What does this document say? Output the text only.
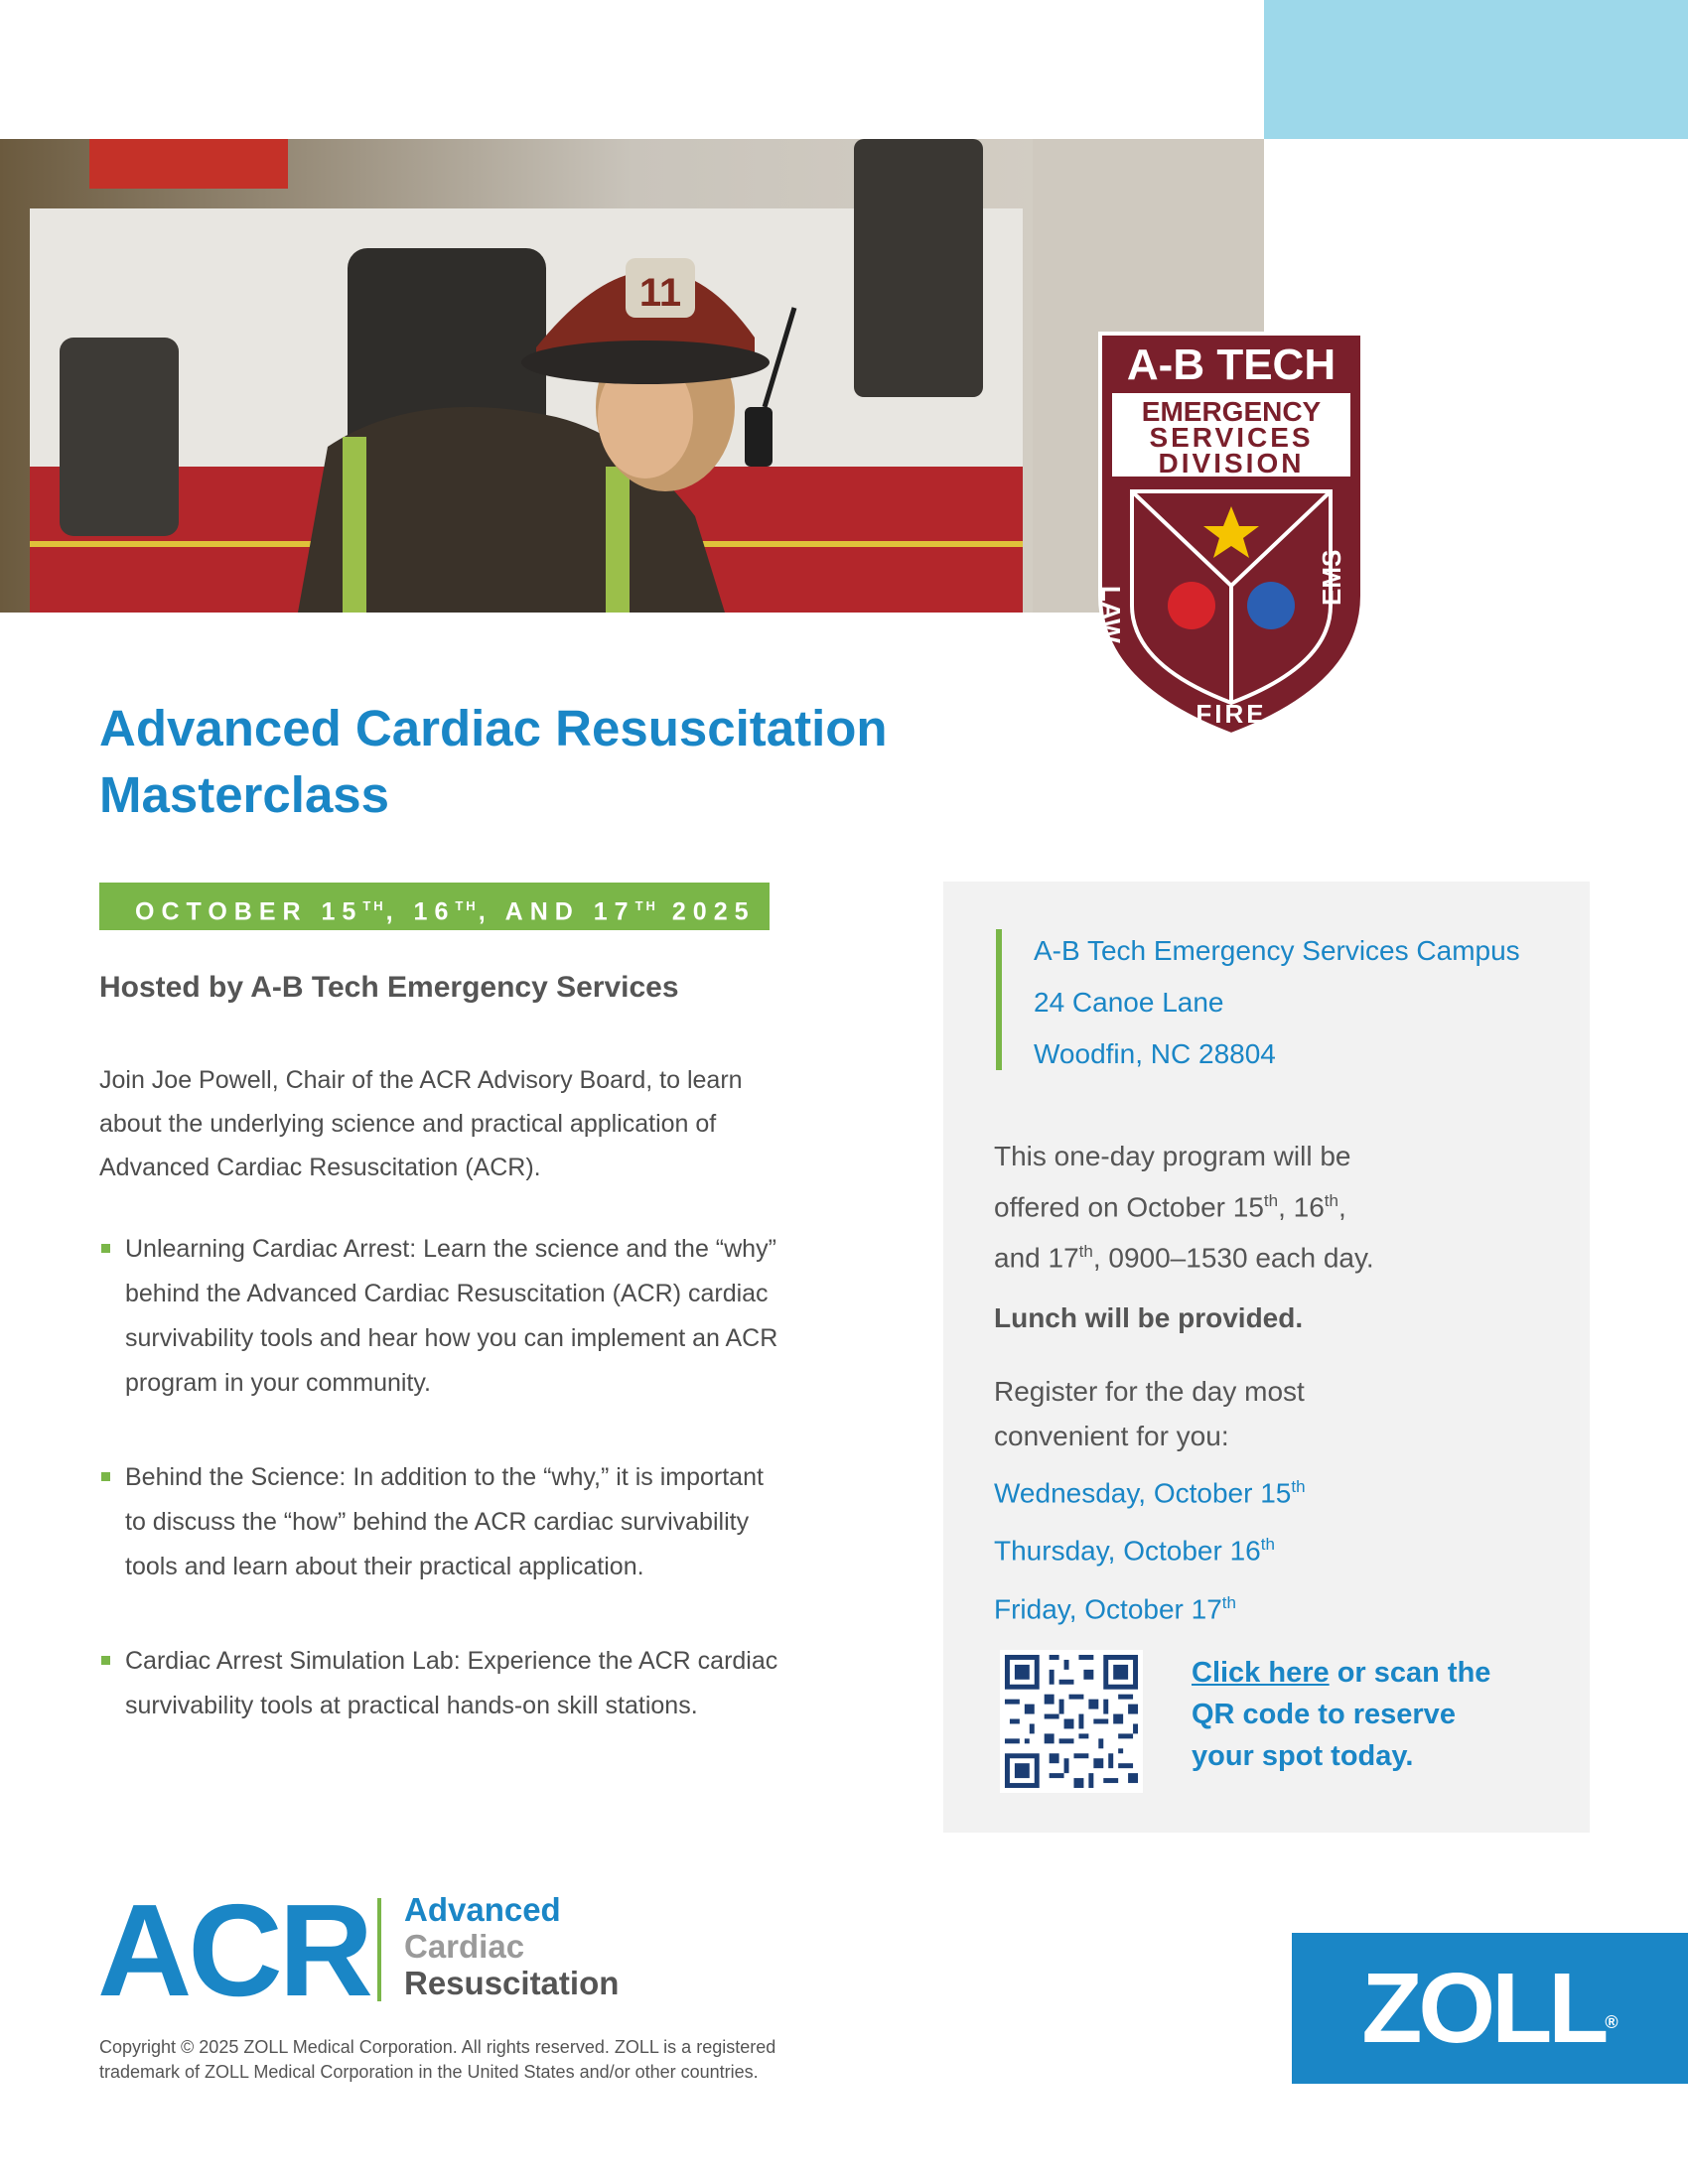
11
A-B TECH
EMERGENCY
SERVICES
DIVISION
LAW
EMS
FIRE
Advanced Cardiac Resuscitation
Masterclass
OCTOBER 15TH, 16TH, AND 17TH 2025
Hosted by A-B Tech Emergency Services
Join Joe Powell, Chair of the ACR Advisory Board, to learn
about the underlying science and practical application of
Advanced Cardiac Resuscitation (ACR).
Unlearning Cardiac Arrest: Learn the science and the “why”
behind the Advanced Cardiac Resuscitation (ACR) cardiac
survivability tools and hear how you can implement an ACR
program in your community.
Behind the Science: In addition to the “why,” it is important
to discuss the “how” behind the ACR cardiac survivability
tools and learn about their practical application.
Cardiac Arrest Simulation Lab: Experience the ACR cardiac
survivability tools at practical hands-on skill stations.
A-B Tech Emergency Services Campus
24 Canoe Lane
Woodfin, NC 28804
This one-day program will be
offered on October 15th, 16th,
and 17th, 0900–1530 each day.
Lunch will be provided.
Register for the day most
convenient for you:
Wednesday, October 15th
Thursday, October 16th
Friday, October 17th
Click here or scan the
QR code to reserve
your spot today.
ACR Advanced
Cardiac
Resuscitation
Copyright © 2025 ZOLL Medical Corporation. All rights reserved. ZOLL is a registered
trademark of ZOLL Medical Corporation in the United States and/or other countries.
ZOLL®
